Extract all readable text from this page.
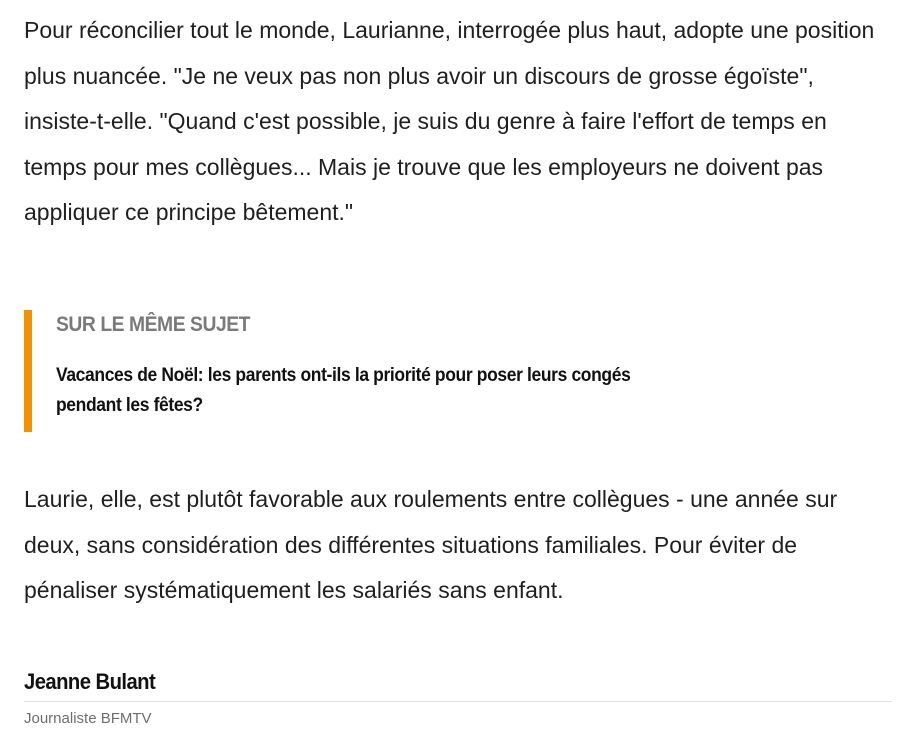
Pour réconcilier tout le monde, Laurianne, interrogée plus haut, adopte une position plus nuancée. "Je ne veux pas non plus avoir un discours de grosse égoïste", insiste-t-elle. "Quand c'est possible, je suis du genre à faire l'effort de temps en temps pour mes collègues... Mais je trouve que les employeurs ne doivent pas appliquer ce principe bêtement."

SUR LE MÊME SUJET
Vacances de Noël: les parents ont-ils la priorité pour poser leurs congés pendant les fêtes?

Laurie, elle, est plutôt favorable aux roulements entre collègues - une année sur deux, sans considération des différentes situations familiales. Pour éviter de pénaliser systématiquement les salariés sans enfant.

Jeanne Bulant

Journaliste BFMTV
